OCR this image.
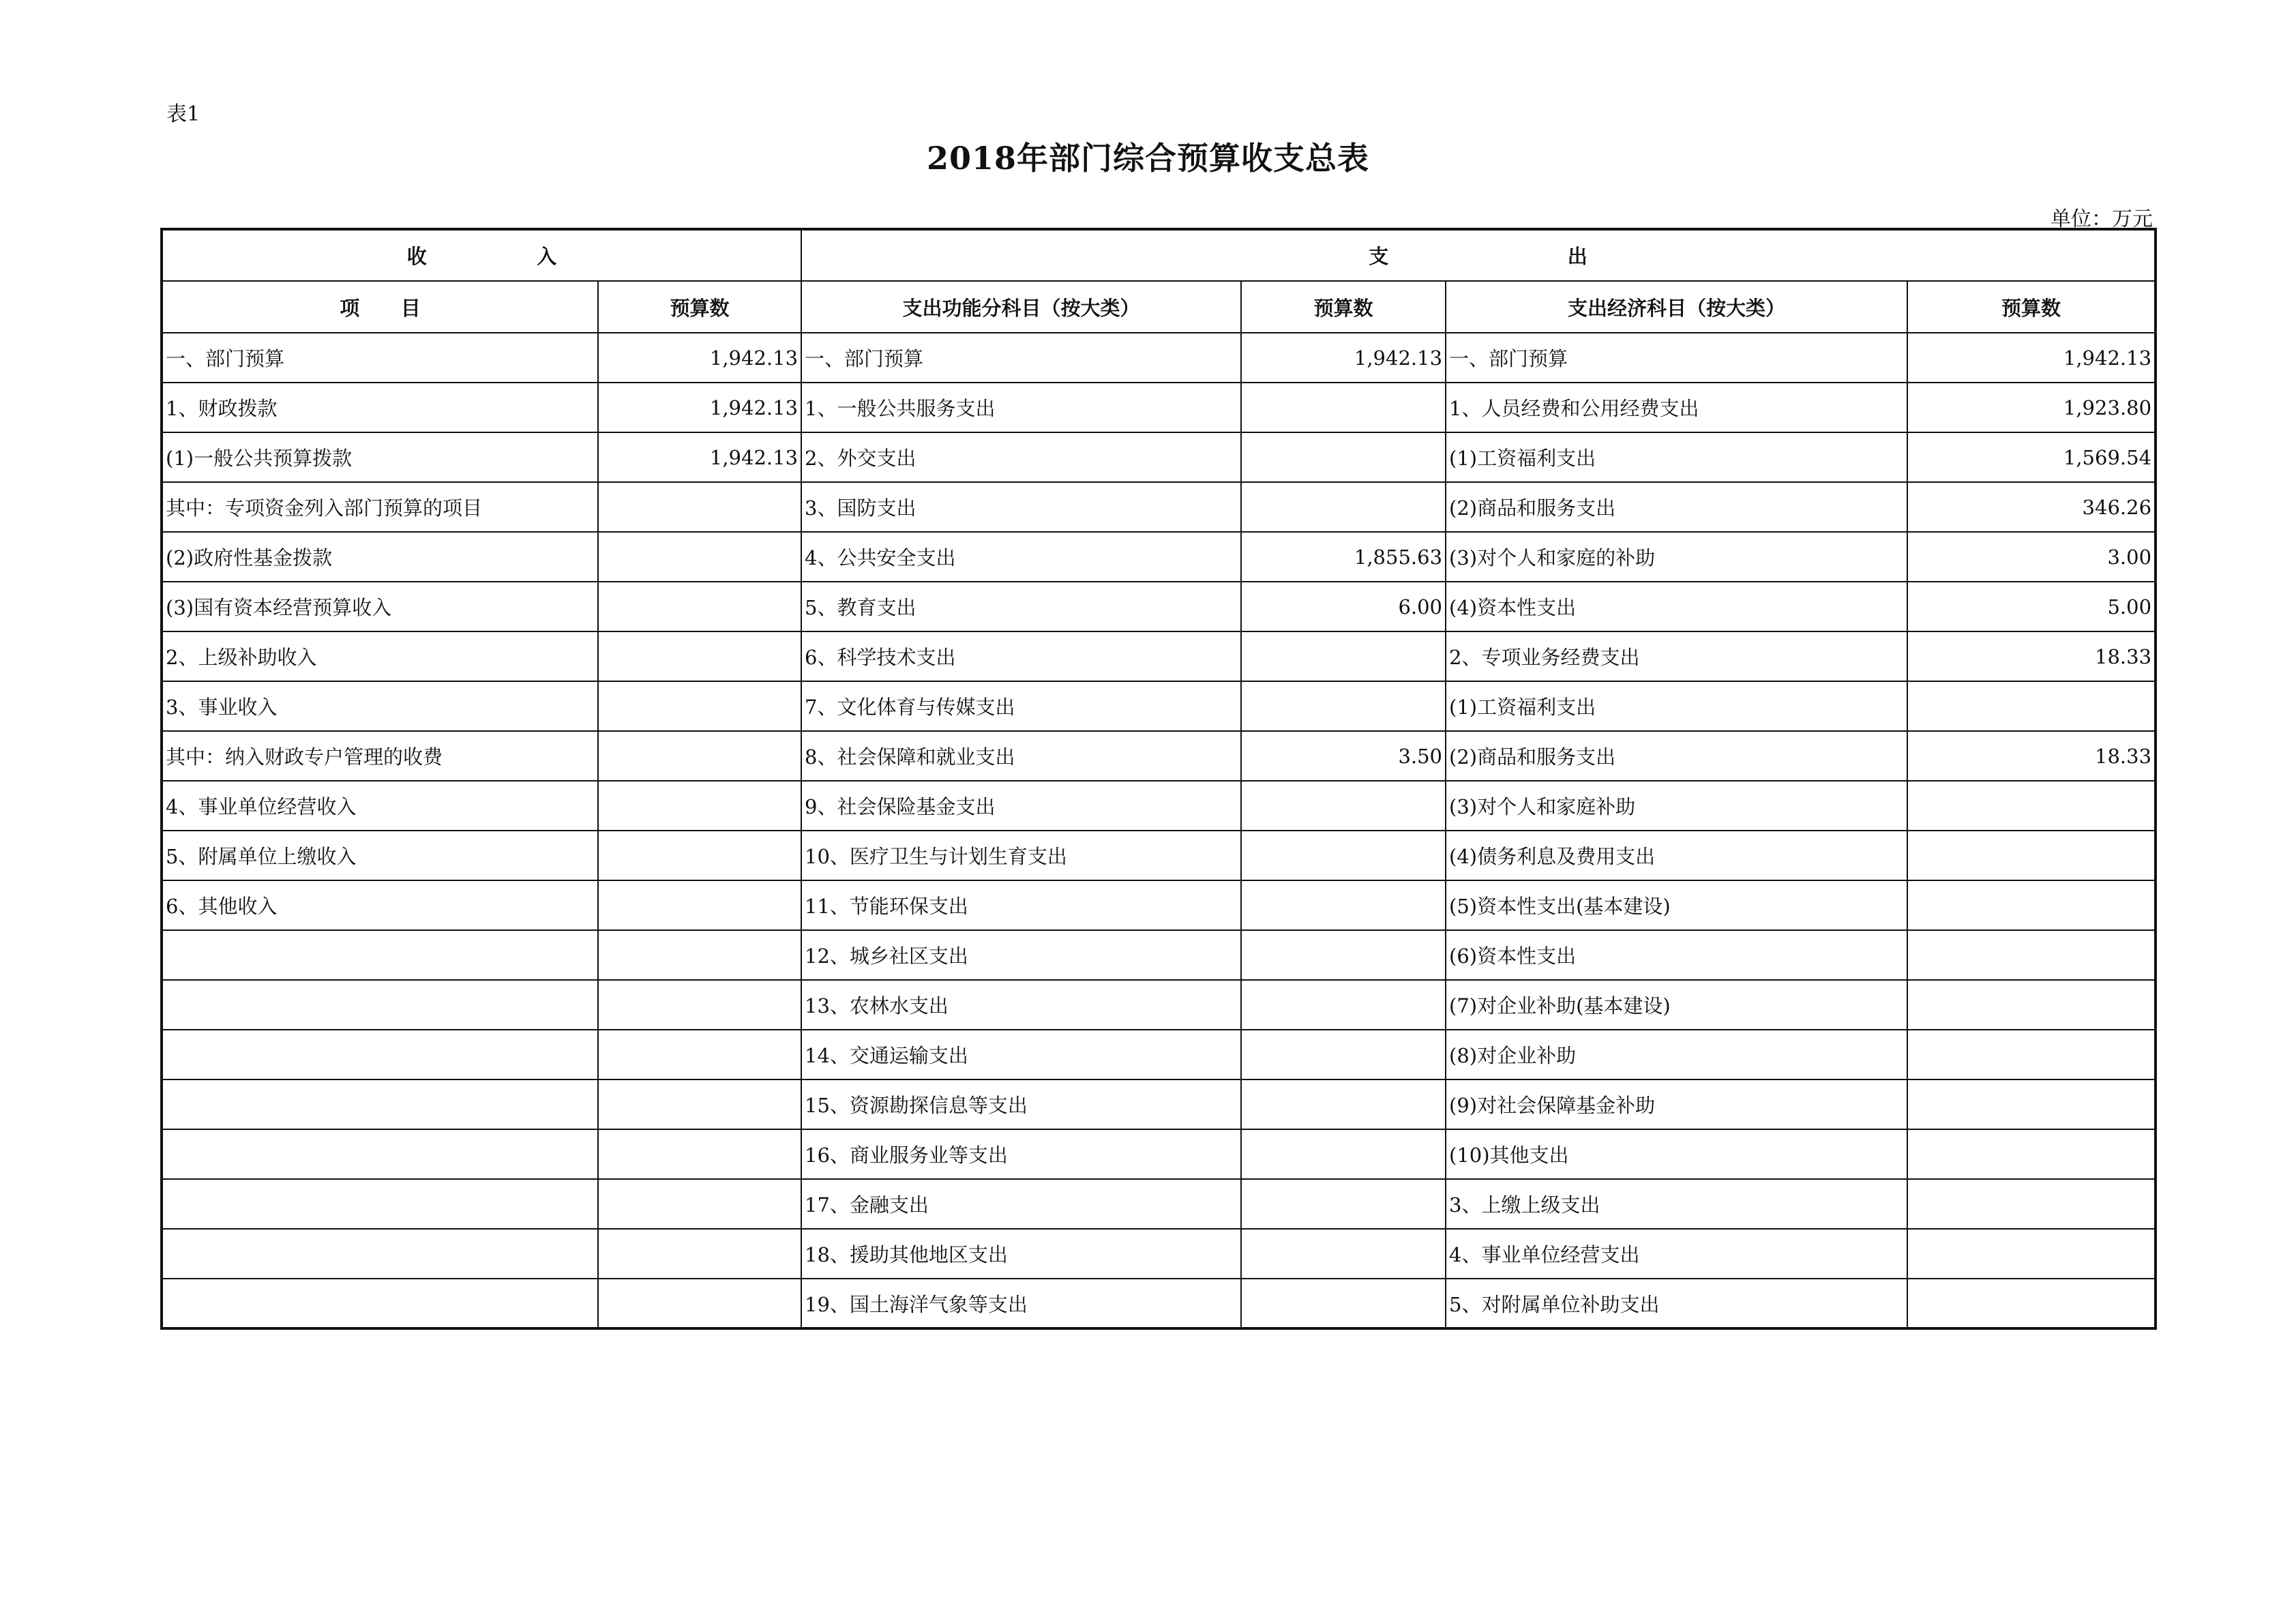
表1
2018年部门综合预算收支总表
单位：万元
收                入		支                          出			
项      目	预算数	支出功能分科目（按大类）	预算数	支出经济科目（按大类）	预算数
一、部门预算	1,942.13	一、部门预算	1,942.13	一、部门预算	1,942.13
1、财政拨款	1,942.13	1、一般公共服务支出		1、人员经费和公用经费支出	1,923.80
(1)一般公共预算拨款	1,942.13	2、外交支出		(1)工资福利支出	1,569.54
其中：专项资金列入部门预算的项目		3、国防支出		(2)商品和服务支出	346.26
(2)政府性基金拨款		4、公共安全支出	1,855.63	(3)对个人和家庭的补助	3.00
(3)国有资本经营预算收入		5、教育支出	6.00	(4)资本性支出	5.00
2、上级补助收入		6、科学技术支出		2、专项业务经费支出	18.33
3、事业收入		7、文化体育与传媒支出		(1)工资福利支出	
其中：纳入财政专户管理的收费		8、社会保障和就业支出	3.50	(2)商品和服务支出	18.33
4、事业单位经营收入		9、社会保险基金支出		(3)对个人和家庭补助	
5、附属单位上缴收入		10、医疗卫生与计划生育支出		(4)债务利息及费用支出	
6、其他收入		11、节能环保支出		(5)资本性支出(基本建设)	
		12、城乡社区支出		(6)资本性支出	
		13、农林水支出		(7)对企业补助(基本建设)	
		14、交通运输支出		(8)对企业补助	
		15、资源勘探信息等支出		(9)对社会保障基金补助	
		16、商业服务业等支出		(10)其他支出	
		17、金融支出		3、上缴上级支出	
		18、援助其他地区支出		4、事业单位经营支出	
		19、国土海洋气象等支出		5、对附属单位补助支出	
